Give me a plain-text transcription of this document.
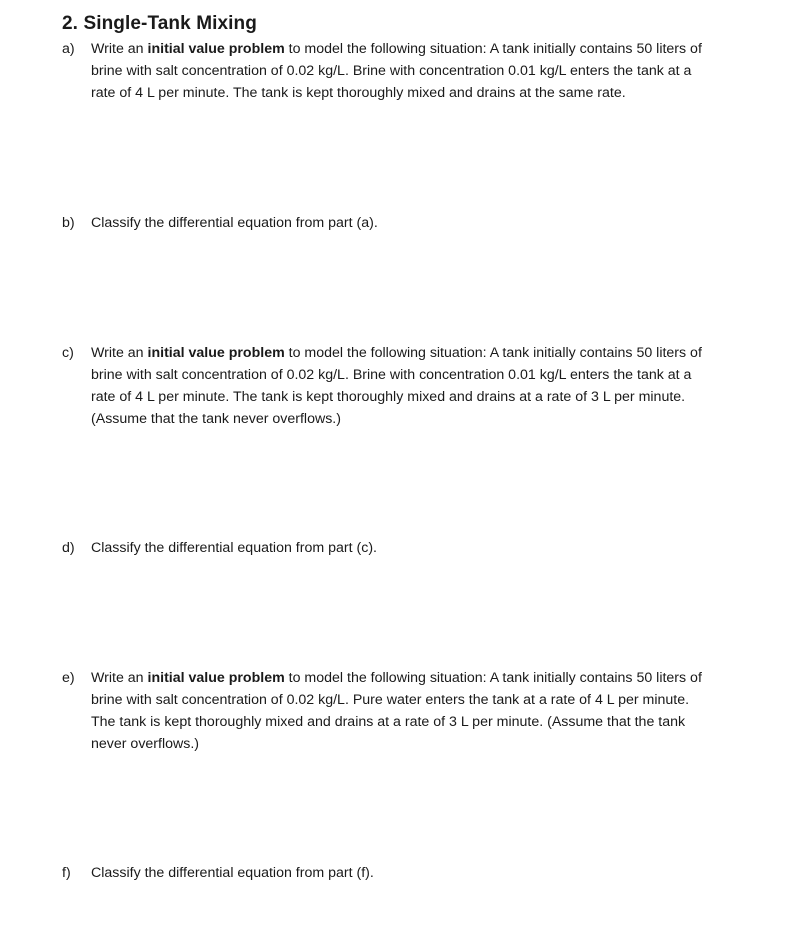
2. Single-Tank Mixing
a)	Write an initial value problem to model the following situation: A tank initially contains 50 liters of
brine with salt concentration of 0.02 kg/L. Brine with concentration 0.01 kg/L enters the tank at a
rate of 4 L per minute. The tank is kept thoroughly mixed and drains at the same rate.
b)	Classify the differential equation from part (a).
c)	Write an initial value problem to model the following situation: A tank initially contains 50 liters of
brine with salt concentration of 0.02 kg/L. Brine with concentration 0.01 kg/L enters the tank at a
rate of 4 L per minute. The tank is kept thoroughly mixed and drains at a rate of 3 L per minute.
(Assume that the tank never overflows.)
d)	Classify the differential equation from part (c).
e)	Write an initial value problem to model the following situation: A tank initially contains 50 liters of
brine with salt concentration of 0.02 kg/L. Pure water enters the tank at a rate of 4 L per minute.
The tank is kept thoroughly mixed and drains at a rate of 3 L per minute. (Assume that the tank
never overflows.)
f)	Classify the differential equation from part (f).
